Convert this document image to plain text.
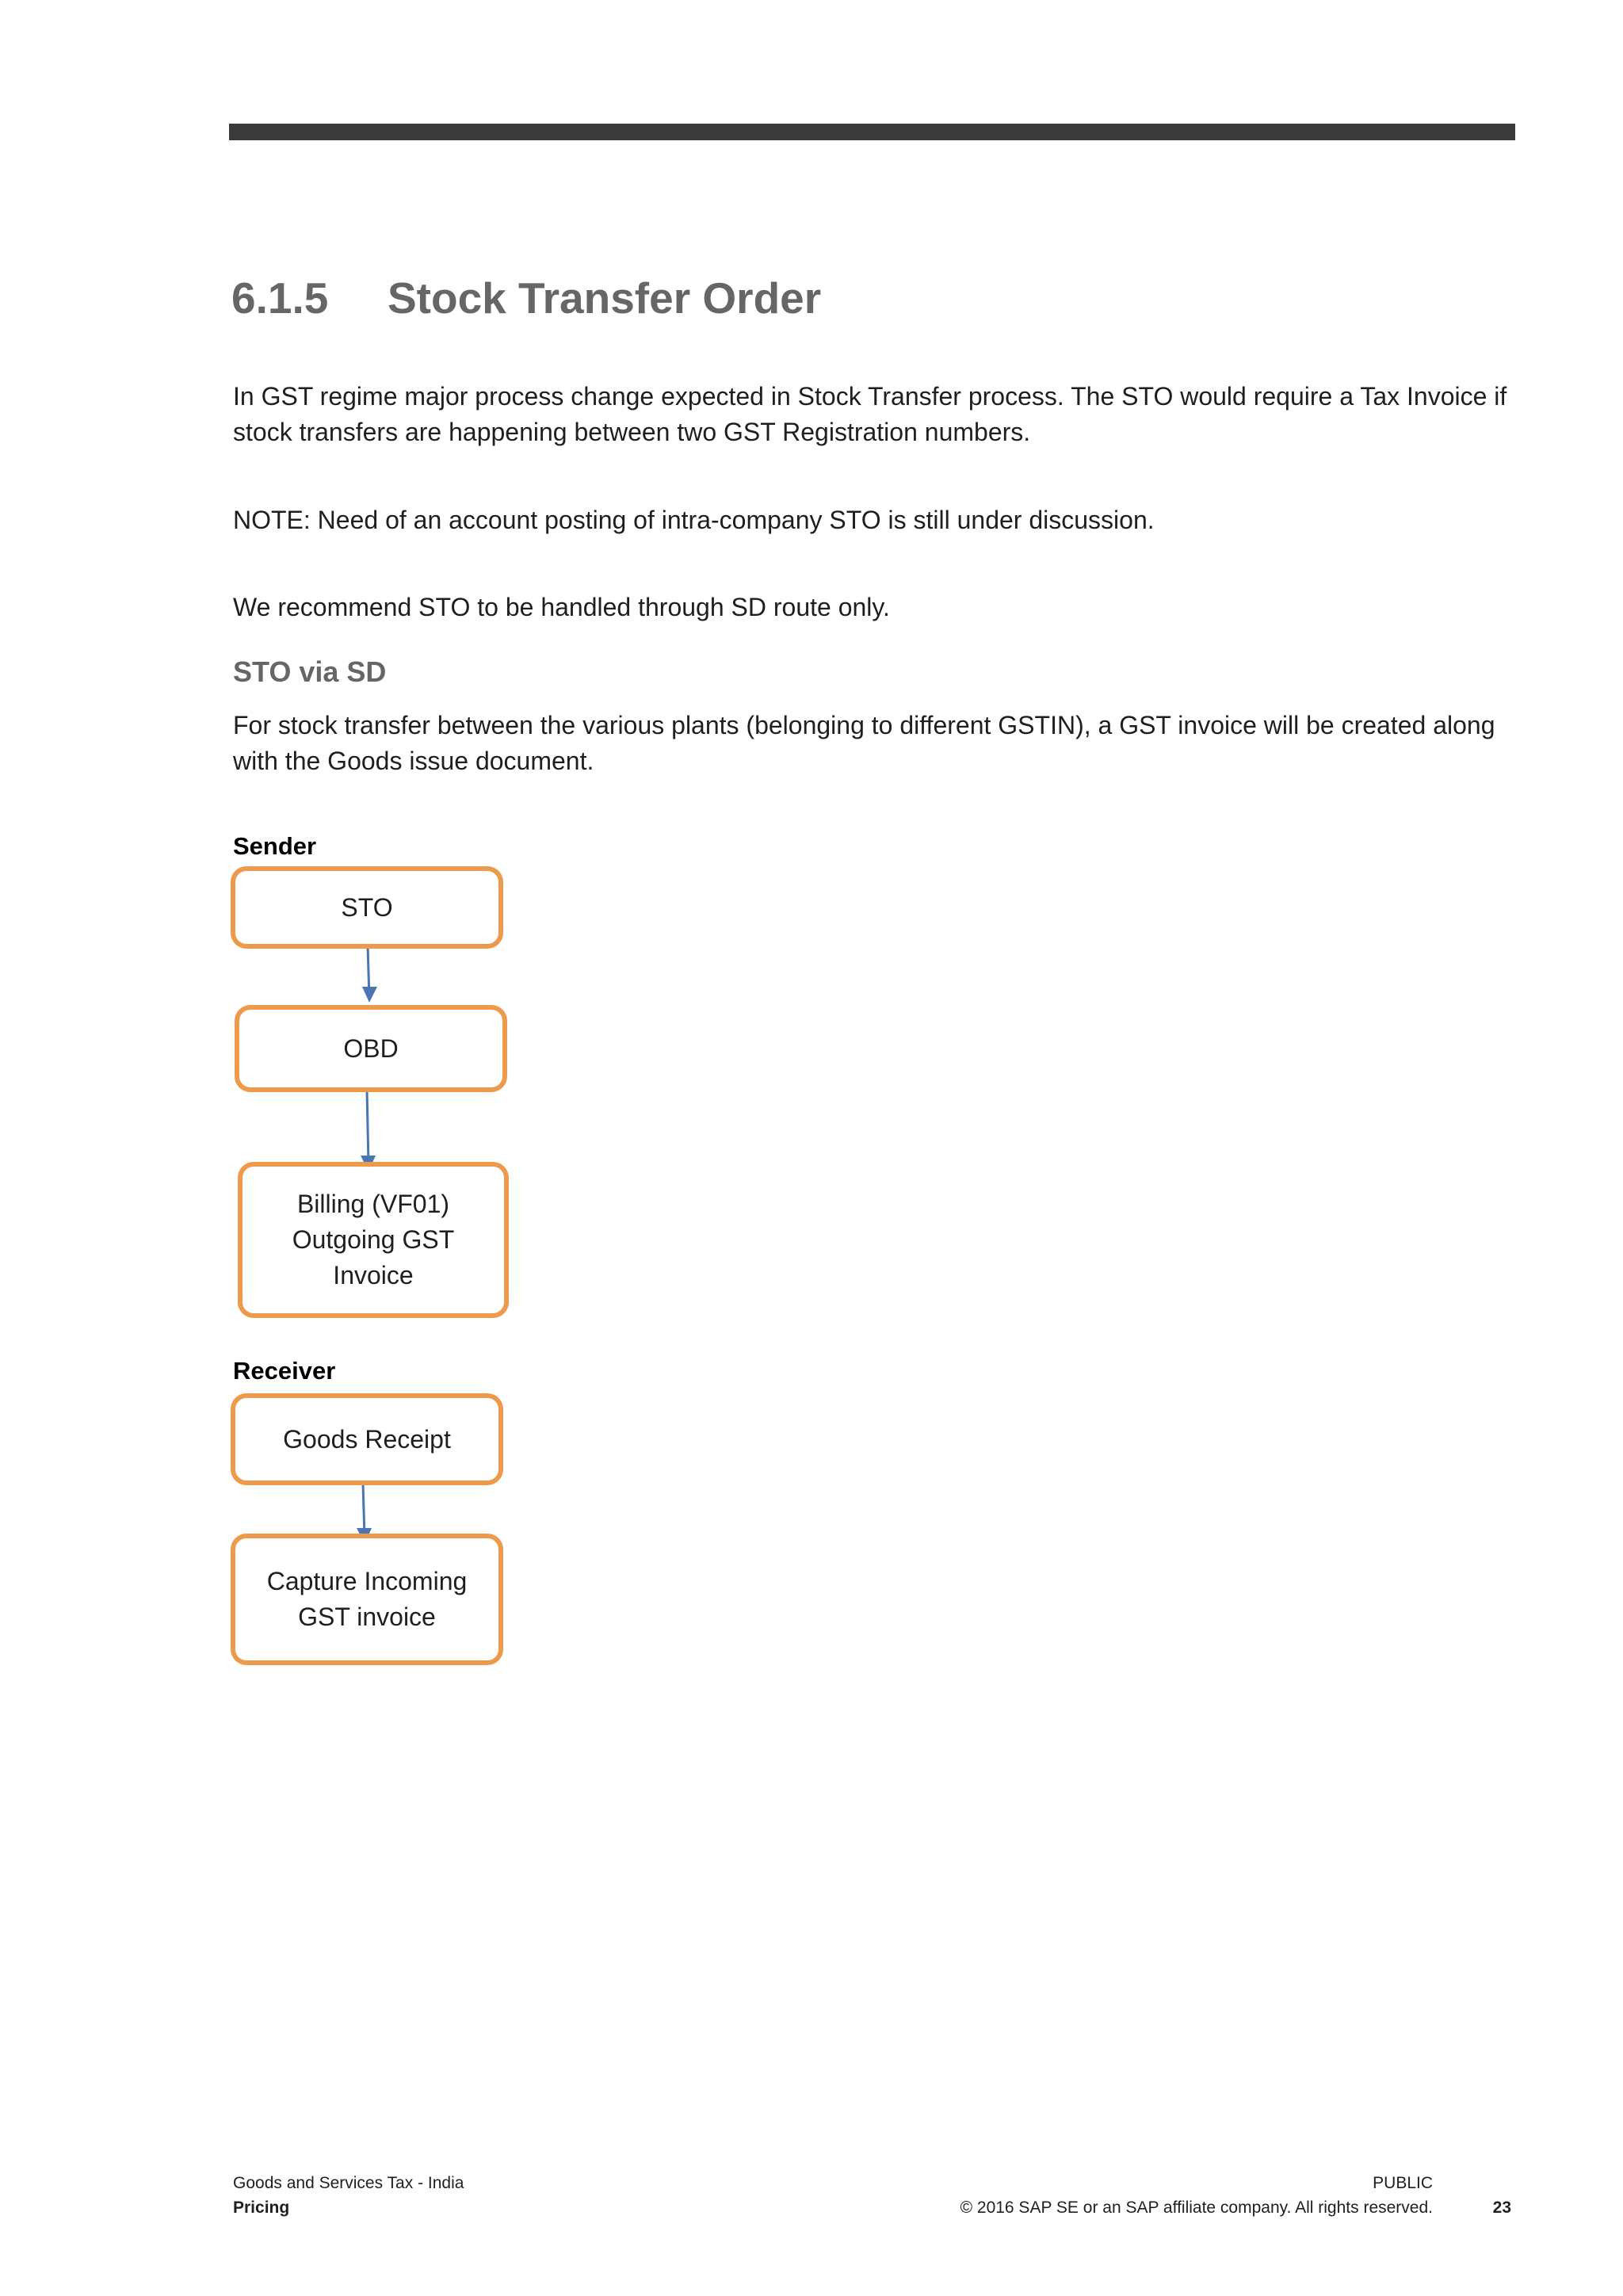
6.1.5 Stock Transfer Order

In GST regime major process change expected in Stock Transfer process. The STO would require a Tax Invoice if stock transfers are happening between two GST Registration numbers.

NOTE: Need of an account posting of intra-company STO is still under discussion.

We recommend STO to be handled through SD route only.

STO via SD

For stock transfer between the various plants (belonging to different GSTIN), a GST invoice will be created along with the Goods issue document.

Sender

STO
OBD
Billing (VF01)
Outgoing GST
Invoice

Receiver

Goods Receipt
Capture Incoming
GST invoice

Goods and Services Tax - India

Pricing

PUBLIC

© 2016 SAP SE or an SAP affiliate company. All rights reserved.	23
